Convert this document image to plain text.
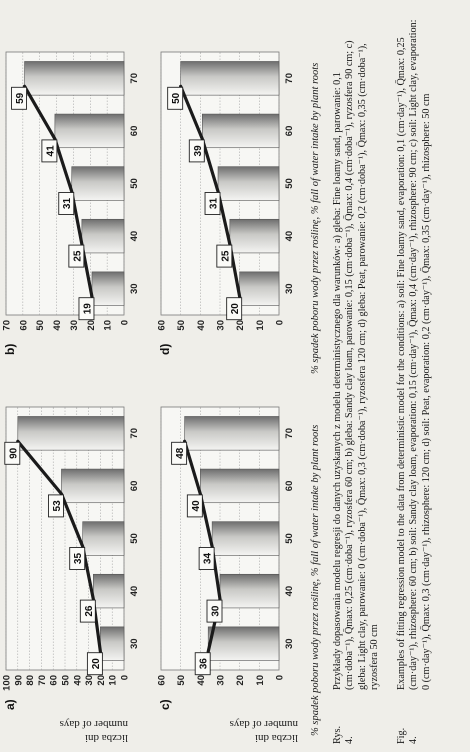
liczba dni
number of days
liczba dni
number of days
0
10
20
30
40
50
60
70
80
90
100
a)
30
40
50
60
70
20
26
35
53
90
0
10
20
30
40
50
60
70
b)
30
40
50
60
70
19
25
31
41
59
0
10
20
30
40
50
60
c)
30
40
50
60
70
36
30
34
40
48
0
10
20
30
40
50
60
d)
30
40
50
60
70
20
25
31
39
50
% spadek poboru wody przez roślinę, % fall of water intake by plant roots
% spadek poboru wody przez roślinę, % fall of water intake by plant roots
Rys. 4.
Przykłady dopasowania modelu regresji do danych uzyskanych z modelu deterministycznego dla warunków: a) gleba: Fine loamy sand, parowanie: 0,1 (cm·doba⁻¹), Q̄max: 0,25 (cm·doba⁻¹), ryzosfera 60 cm; b) gleba: Sandy clay loam, parowanie: 0,15 (cm·doba⁻¹), Q̄max: 0,4 (cm·doba⁻¹), ryzosfera 90 cm; c) gleba: Light clay, parowanie: 0 (cm·doba⁻¹), Q̄max: 0,3 (cm·doba⁻¹), ryzosfera 120 cm; d) gleba: Peat, parowanie: 0,2 (cm·doba⁻¹), Q̄max: 0,35 (cm·doba⁻¹), ryzosfera 50 cm
Fig. 4.
Examples of fitting regression model to the data from deterministic model for the conditions: a) soil: Fine loamy sand, evaporation: 0,1 (cm·day⁻¹), Q̄max: 0,25 (cm·day⁻¹), rhizosphere: 60 cm; b) soil: Sandy clay loam, evaporation: 0,15 (cm·day⁻¹), Q̄max: 0,4 (cm·day⁻¹), rhizosphere: 90 cm; c) soil: Light clay, evaporation: 0 (cm·day⁻¹), Q̄max: 0,3 (cm·day⁻¹), rhizosphere: 120 cm; d) soil: Peat, evaporation: 0,2 (cm·day⁻¹), Q̄max: 0,35 (cm·day⁻¹), rhizosphere: 50 cm
